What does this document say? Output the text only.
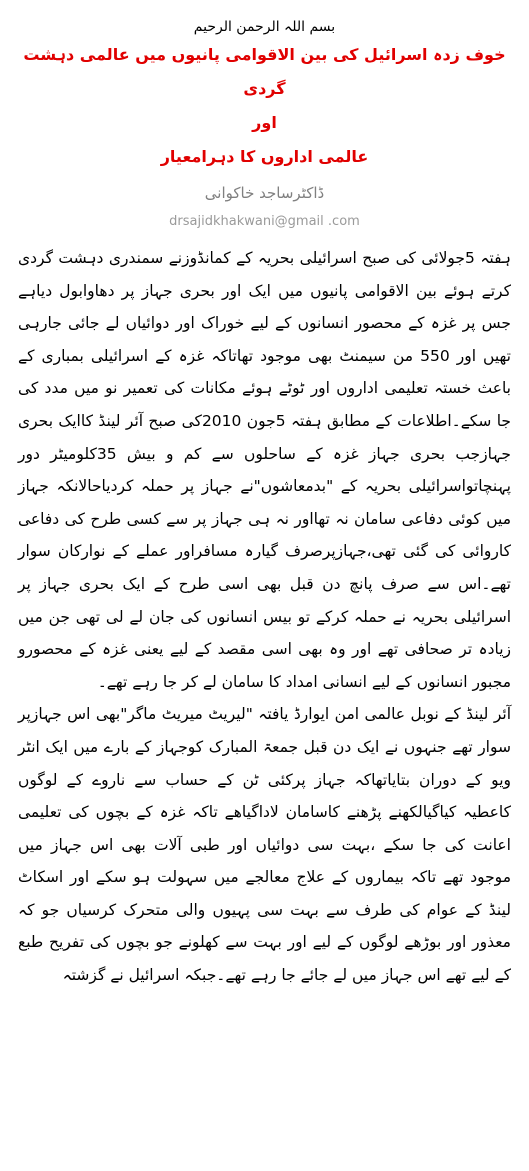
بسم اللہ الرحمن الرحیم
خوف زدہ اسرائیل کی بین الاقوامی پانیوں میں عالمی دہشت گردی
اور
عالمی اداروں کا دہرامعیار
ڈاکٹرساجد خاکوانی
drsajidkhakwani@gmail .com

ہفتہ 5جولائی کی صبح اسرائیلی بحریہ کے کمانڈوزنے سمندری دہشت گردی کرتے ہوئے بین الاقوامی پانیوں میں ایک اور بحری جہاز پر دھاوابول دیاہے جس پر غزہ کے محصور انسانوں کے لیے خوراک اور دوائیاں لے جائی جارہی تھیں اور 550 من سیمنٹ بھی موجود تھاتاکہ غزہ کے اسرائیلی بمباری کے باعث خستہ تعلیمی اداروں اور ٹوٹے ہوئے مکانات کی تعمیر نو میں مدد کی جا سکے۔اطلاعات کے مطابق ہفتہ 5جون 2010کی صبح آئر لینڈ کاایک بحری جہازجب بحری جہاز غزہ کے ساحلوں سے کم و بیش 35کلومیٹر دور پہنچاتواسرائیلی بحریہ کے "بدمعاشوں"نے جہاز پر حملہ کردیاحالانکہ جہاز میں کوئی دفاعی سامان نہ تھااور نہ ہی جہاز پر سے کسی طرح کی دفاعی کاروائی کی گئی تھی،جہازپرصرف گیارہ مسافراور عملے کے نوارکان سوار تھے۔اس سے صرف پانچ دن قبل بھی اسی طرح کے ایک بحری جہاز پر اسرائیلی بحریہ نے حملہ کرکے تو بیس انسانوں کی جان لے لی تھی جن میں زیادہ تر صحافی تھے اور وہ بھی اسی مقصد کے لیے یعنی غزہ کے محصورو مجبور انسانوں کے لیے انسانی امداد کا سامان لے کر جا رہے تھے۔

آئر لینڈ کے نوبل عالمی امن ایوارڈ یافتہ "لیریٹ میریٹ ماگر"بھی اس جہازپر سوار تھے جنہوں نے ایک دن قبل جمعۃ المبارک کوجہاز کے بارے میں ایک انٹر ویو کے دوران بتایاتھاکہ جہاز پرکئی ٹن کے حساب سے ناروے کے لوگوں کاعطیہ کیاگیالکھنے پڑھنے کاسامان لاداگیاھے تاکہ غزہ کے بچوں کی تعلیمی اعانت کی جا سکے ،بہت سی دوائیاں اور طبی آلات بھی اس جہاز میں موجود تھے تاکہ بیماروں کے علاج معالجے میں سہولت ہو سکے اور اسکاٹ لینڈ کے عوام کی طرف سے بہت سی پہیوں والی متحرک کرسیاں جو کہ معذور اور بوڑھے لوگوں کے لیے اور بہت سے کھلونے جو بچوں کی تفریح طبع کے لیے تھے اس جہاز میں لے جائے جا رہے تھے۔جبکہ اسرائیل نے گزشتہ
